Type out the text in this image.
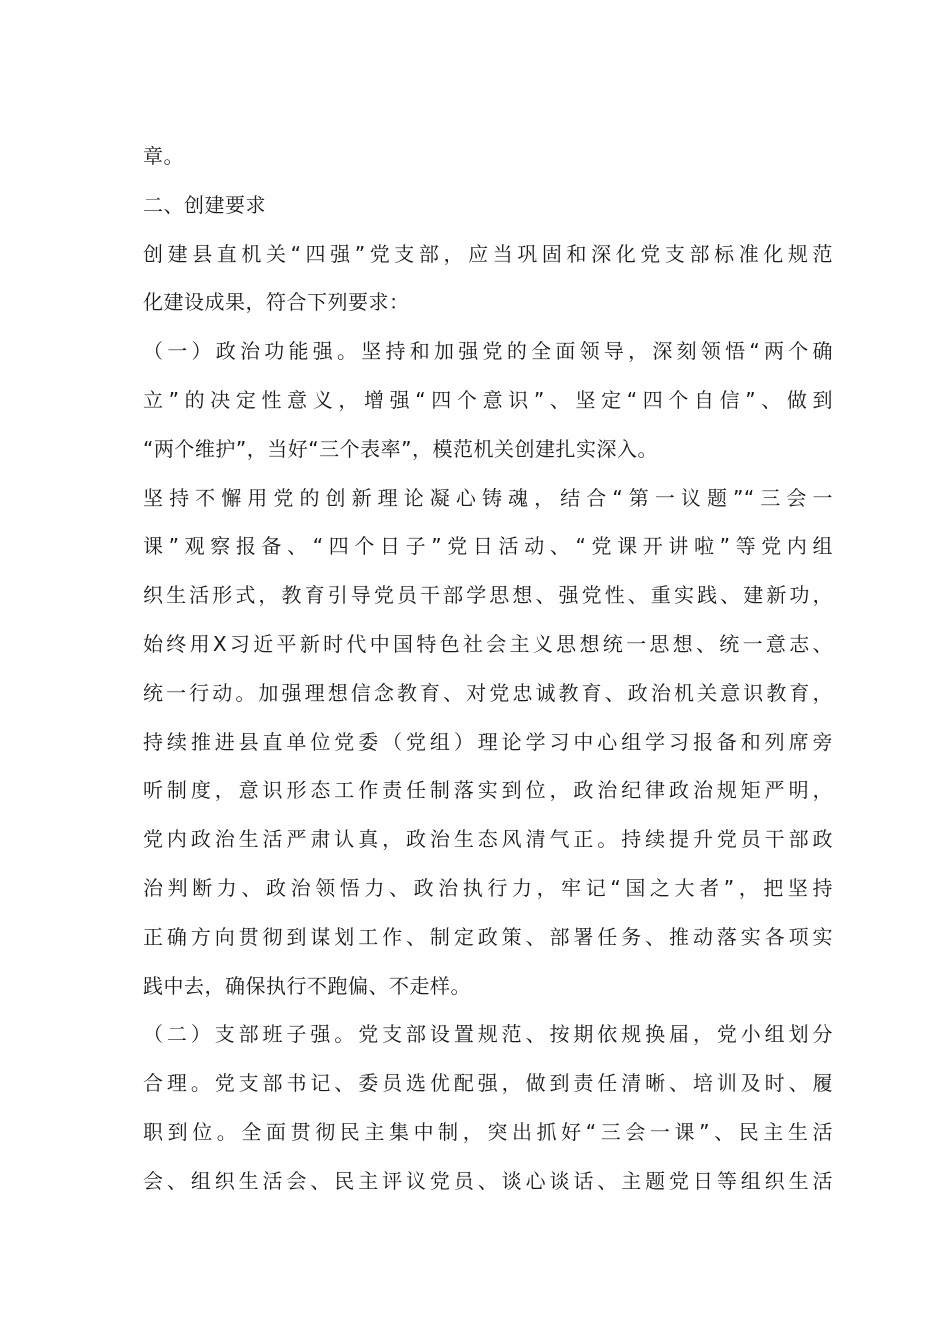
章。
二、创建要求
创建县直机关“四强”党支部，应当巩固和深化党支部标准化规范
化建设成果，符合下列要求：
（一）政治功能强。坚持和加强党的全面领导，深刻领悟“两个确
立”的决定性意义，增强“四个意识”、坚定“四个自信”、做到
“两个维护”，当好“三个表率”，模范机关创建扎实深入。
坚持不懈用党的创新理论凝心铸魂，结合“第一议题”“三会一
课”观察报备、“四个日子”党日活动、“党课开讲啦”等党内组
织生活形式，教育引导党员干部学思想、强党性、重实践、建新功，
始终用X习近平新时代中国特色社会主义思想统一思想、统一意志、
统一行动。加强理想信念教育、对党忠诚教育、政治机关意识教育，
持续推进县直单位党委（党组）理论学习中心组学习报备和列席旁
听制度，意识形态工作责任制落实到位，政治纪律政治规矩严明，
党内政治生活严肃认真，政治生态风清气正。持续提升党员干部政
治判断力、政治领悟力、政治执行力，牢记“国之大者”，把坚持
正确方向贯彻到谋划工作、制定政策、部署任务、推动落实各项实
践中去，确保执行不跑偏、不走样。
（二）支部班子强。党支部设置规范、按期依规换届，党小组划分
合理。党支部书记、委员选优配强，做到责任清晰、培训及时、履
职到位。全面贯彻民主集中制，突出抓好“三会一课”、民主生活
会、组织生活会、民主评议党员、谈心谈话、主题党日等组织生活
